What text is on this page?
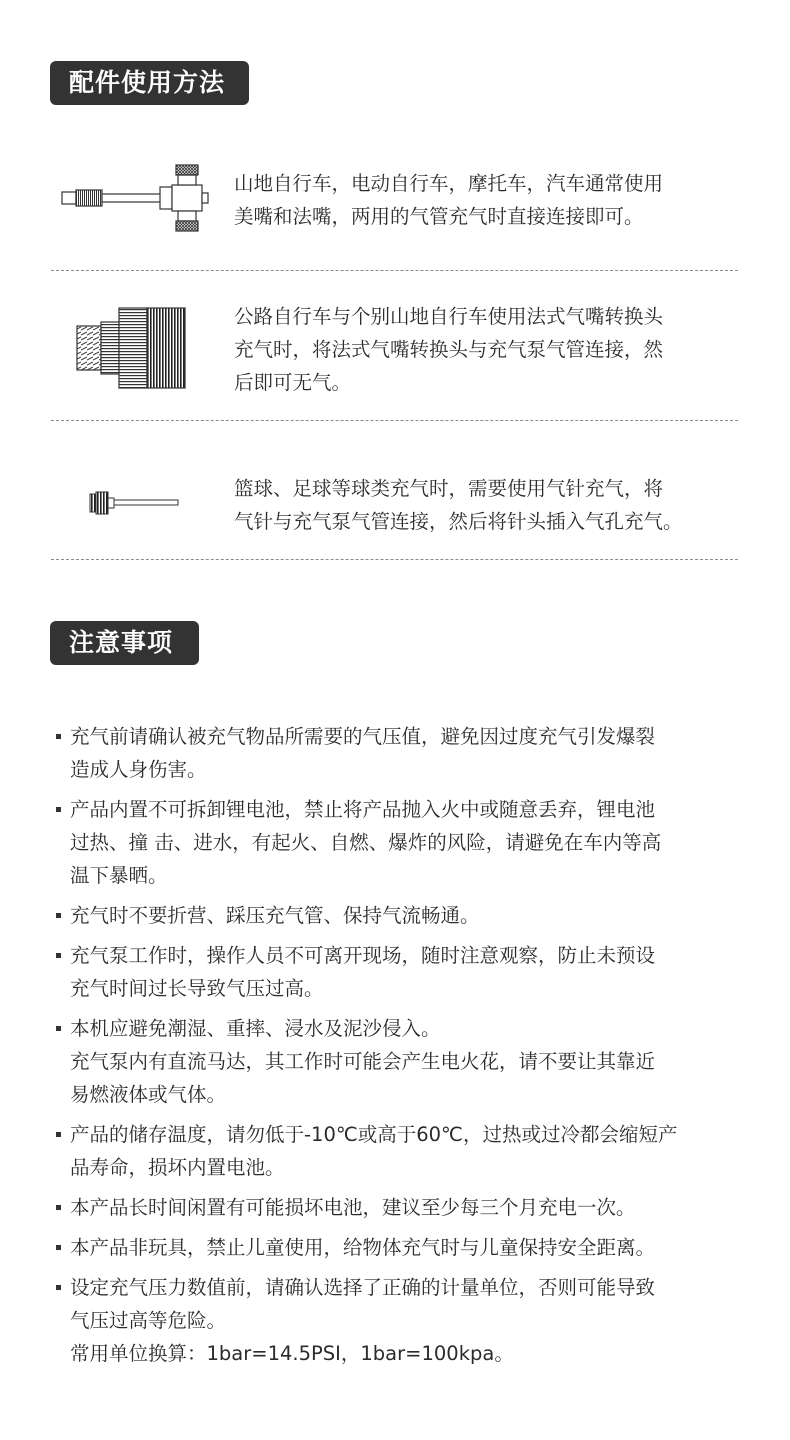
配件使用方法
山地自行车，电动自行车，摩托车，汽车通常使用
美嘴和法嘴，两用的气管充气时直接连接即可。
公路自行车与个别山地自行车使用法式气嘴转换头
充气时，将法式气嘴转换头与充气泵气管连接，然
后即可无气。
篮球、足球等球类充气时，需要使用气针充气，将
气针与充气泵气管连接，然后将针头插入气孔充气。
注意事项
充气前请确认被充气物品所需要的气压值，避免因过度充气引发爆裂
造成人身伤害。
产品内置不可拆卸锂电池，禁止将产品抛入火中或随意丢弃，锂电池
过热、撞 击、进水，有起火、自燃、爆炸的风险，请避免在车内等高
温下暴晒。
充气时不要折营、踩压充气管、保持气流畅通。
充气泵工作时，操作人员不可离开现场，随时注意观察，防止未预设
充气时间过长导致气压过高。
本机应避免潮湿、重摔、浸水及泥沙侵入。
充气泵内有直流马达，其工作时可能会产生电火花，请不要让其靠近
易燃液体或气体。
产品的储存温度，请勿低于-10℃或高于60℃，过热或过冷都会缩短产
品寿命，损坏内置电池。
本产品长时间闲置有可能损坏电池，建议至少每三个月充电一次。
本产品非玩具，禁止儿童使用，给物体充气时与儿童保持安全距离。
设定充气压力数值前，请确认选择了正确的计量单位，否则可能导致
气压过高等危险。
常用单位换算：1bar=14.5PSI，1bar=100kpa。
